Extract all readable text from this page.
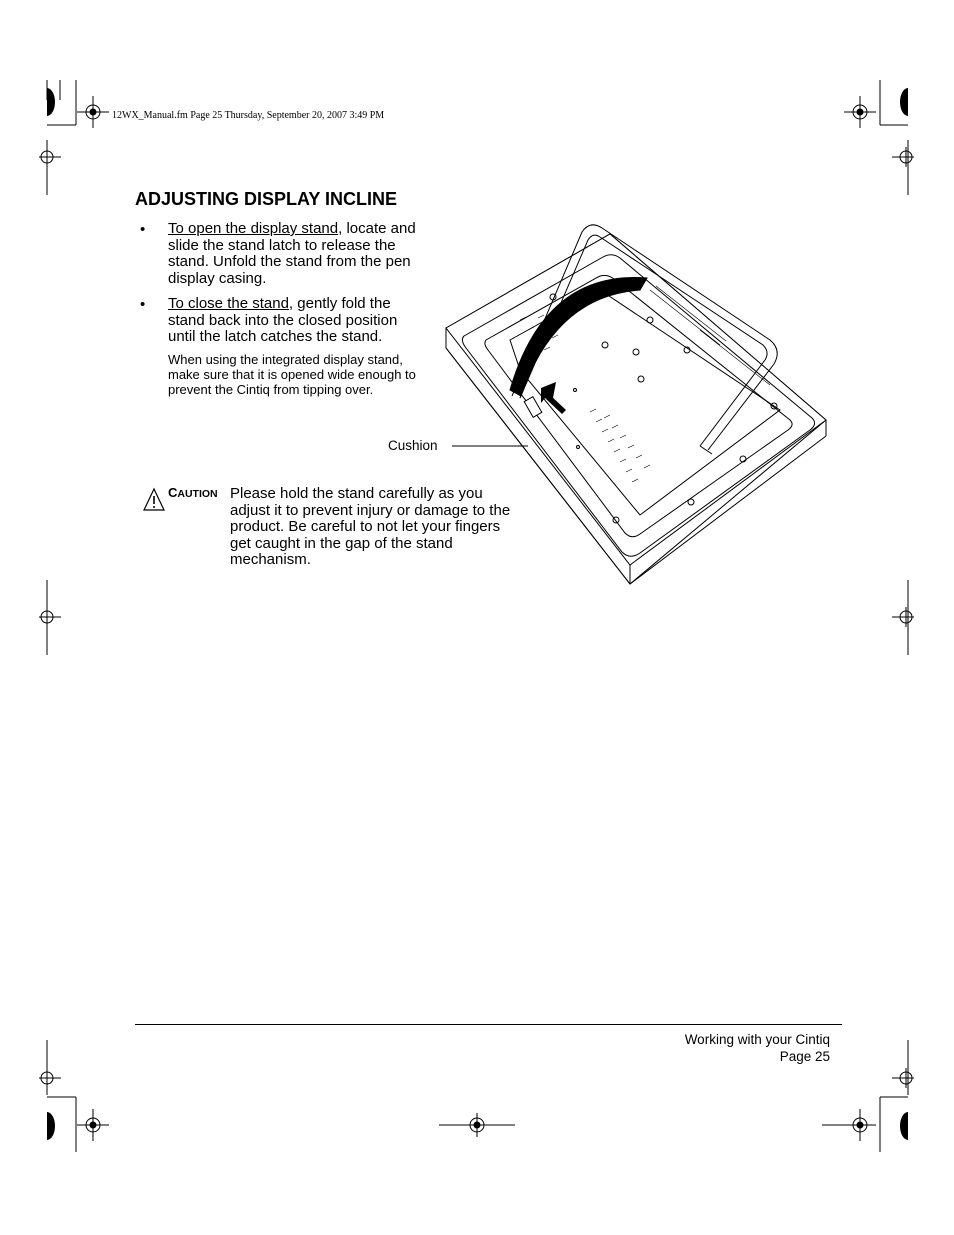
12WX_Manual.fm Page 25 Thursday, September 20, 2007 3:49 PM
ADJUSTING DISPLAY INCLINE
• To open the display stand, locate and slide the stand latch to release the stand. Unfold the stand from the pen display casing.
• To close the stand, gently fold the stand back into the closed position until the latch catches the stand.
When using the integrated display stand, make sure that it is opened wide enough to prevent the Cintiq from tipping over.
Cushion
CAUTION Please hold the stand carefully as you adjust it to prevent injury or damage to the product. Be careful to not let your fingers get caught in the gap of the stand mechanism.
Working with your Cintiq
Page 25
